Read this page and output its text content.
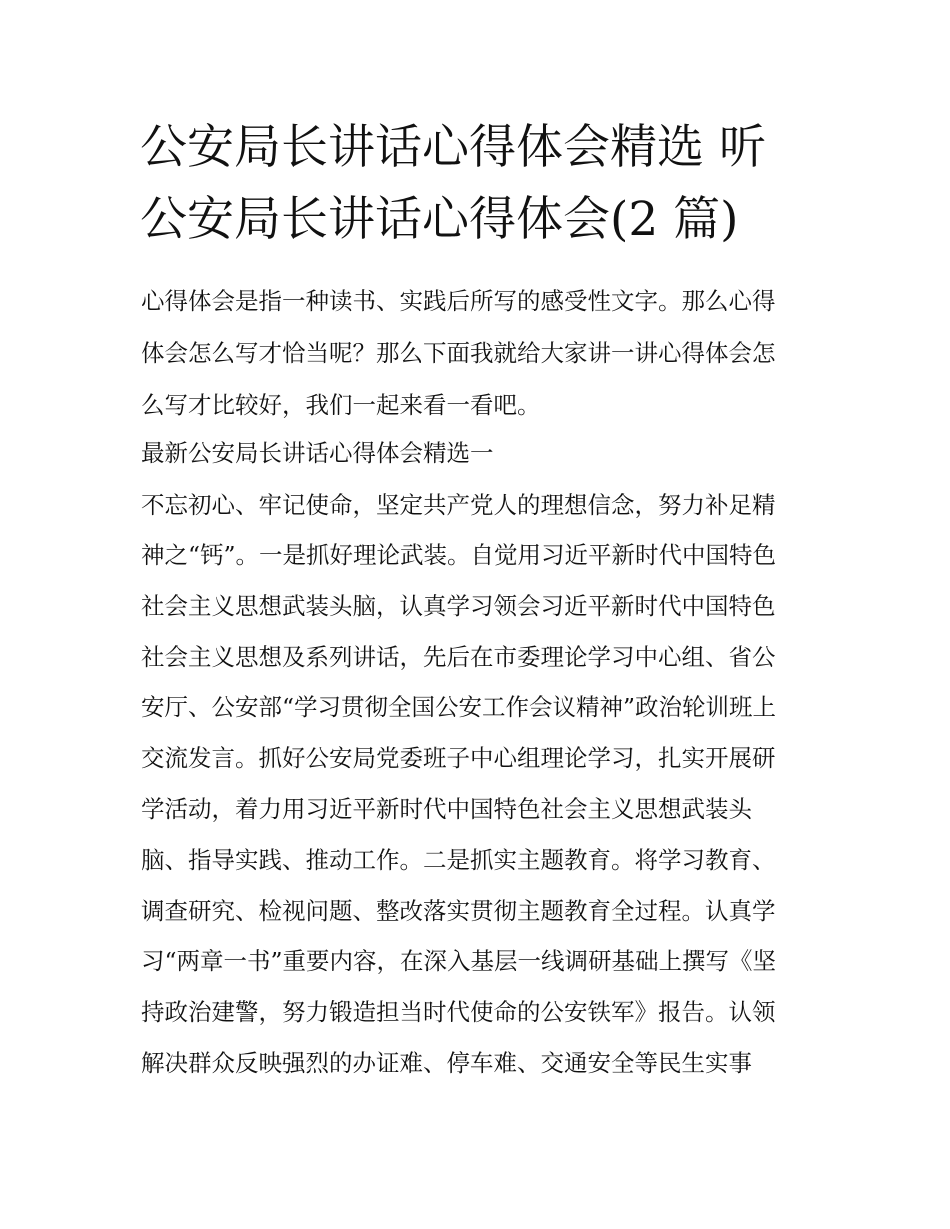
公安局长讲话心得体会精选 听
公安局长讲话心得体会(2 篇)

心得体会是指一种读书、实践后所写的感受性文字。那么心得

体会怎么写才恰当呢？那么下面我就给大家讲一讲心得体会怎

么写才比较好，我们一起来看一看吧。

最新公安局长讲话心得体会精选一

不忘初心、牢记使命，坚定共产党人的理想信念，努力补足精

神之“钙”。一是抓好理论武装。自觉用习近平新时代中国特色

社会主义思想武装头脑，认真学习领会习近平新时代中国特色

社会主义思想及系列讲话，先后在市委理论学习中心组、省公

安厅、公安部“学习贯彻全国公安工作会议精神”政治轮训班上

交流发言。抓好公安局党委班子中心组理论学习，扎实开展研

学活动，着力用习近平新时代中国特色社会主义思想武装头

脑、指导实践、推动工作。二是抓实主题教育。将学习教育、

调查研究、检视问题、整改落实贯彻主题教育全过程。认真学

习“两章一书”重要内容，在深入基层一线调研基础上撰写《坚

持政治建警，努力锻造担当时代使命的公安铁军》报告。认领

解决群众反映强烈的办证难、停车难、交通安全等民生实事
